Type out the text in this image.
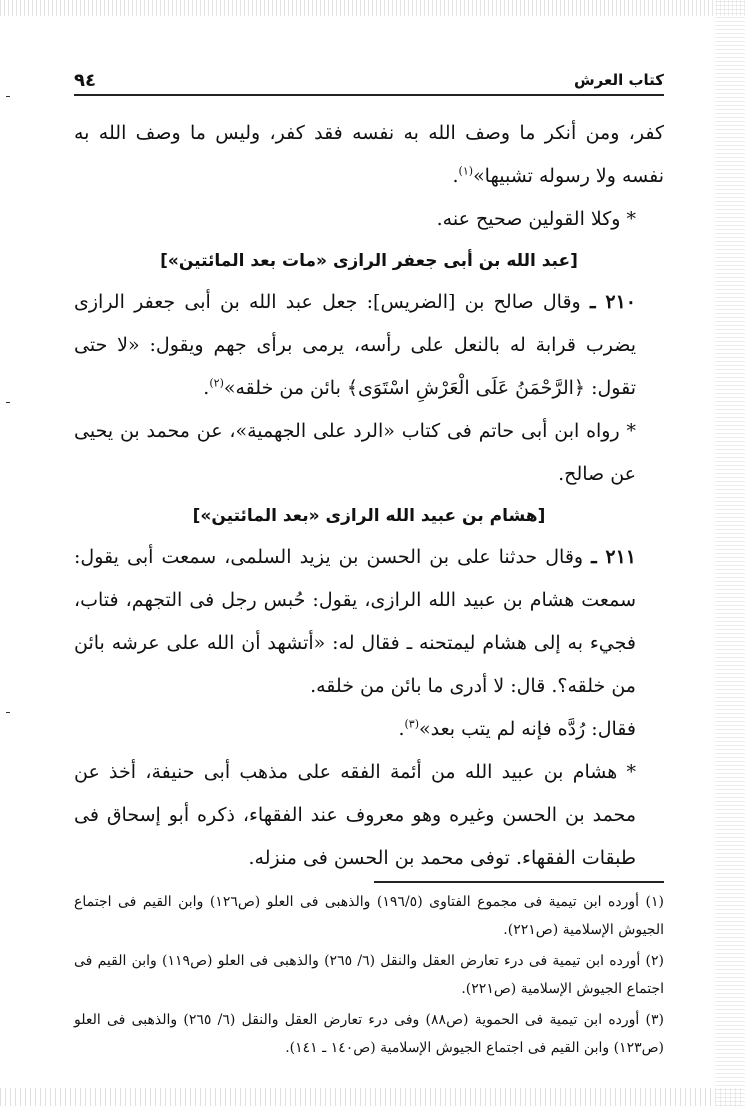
كتاب العرش
٩٤

كفر، ومن أنكر ما وصف الله به نفسه فقد كفر، وليس ما وصف الله به نفسه ولا رسوله تشبيها»$^{(١)}$.

* وكلا القولين صحيح عنه.

[عبد الله بن أبى جعفر الرازى «مات بعد المائتين»]

٢١٠ ـ وقال صالح بن [الضريس]: جعل عبد الله بن أبى جعفر الرازى يضرب قرابة له بالنعل على رأسه، يرمى برأى جهم ويقول: «لا حتى تقول: ﴿الرَّحْمَنُ عَلَى الْعَرْشِ اسْتَوَى﴾ بائن من خلقه»$^{(٢)}$.

* رواه ابن أبى حاتم فى كتاب «الرد على الجهمية»، عن محمد بن يحيى عن صالح.

[هشام بن عبيد الله الرازى «بعد المائتين»]

٢١١ ـ وقال حدثنا على بن الحسن بن يزيد السلمى، سمعت أبى يقول: سمعت هشام بن عبيد الله الرازى، يقول: حُبس رجل فى التجهم، فتاب، فجيء به إلى هشام ليمتحنه ـ فقال له: «أتشهد أن الله على عرشه بائن من خلقه؟. قال: لا أدرى ما بائن من خلقه.

فقال: رُدَّه فإنه لم يتب بعد»$^{(٣)}$.

* هشام بن عبيد الله من أئمة الفقه على مذهب أبى حنيفة، أخذ عن محمد بن الحسن وغيره وهو معروف عند الفقهاء، ذكره أبو إسحاق فى طبقات الفقهاء. توفى محمد بن الحسن فى منزله.

(١) أورده ابن تيمية فى مجموع الفتاوى (١٩٦/٥) والذهبى فى العلو (ص١٢٦) وابن القيم فى اجتماع الجيوش الإسلامية (ص٢٢١).

(٢) أورده ابن تيمية فى درء تعارض العقل والنقل (٦/ ٢٦٥) والذهبى فى العلو (ص١١٩) وابن القيم فى اجتماع الجيوش الإسلامية (ص٢٢١).

(٣) أورده ابن تيمية فى الحموية (ص٨٨) وفى درء تعارض العقل والنقل (٦/ ٢٦٥) والذهبى فى العلو (ص١٢٣) وابن القيم فى اجتماع الجيوش الإسلامية (ص١٤٠ ـ ١٤١).
